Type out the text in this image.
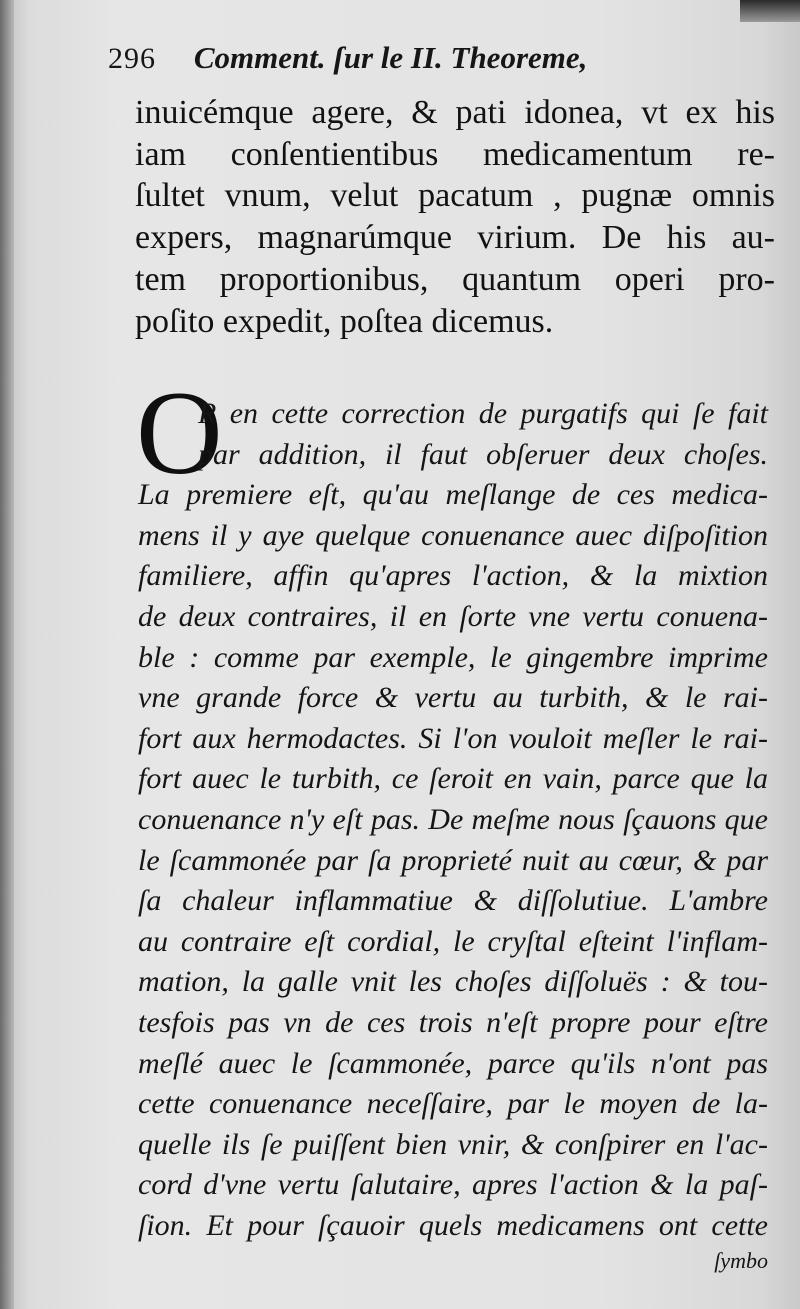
296 Comment. ſur le II. Theoreme,
inuicémque agere, & pati idonea, vt ex his
iam conſentientibus medicamentum re-
ſultet vnum, velut pacatum , pugnæ omnis
expers, magnarúmque virium. De his au-
tem proportionibus, quantum operi pro-
poſito expedit, poſtea dicemus.
O
R en cette correction de purgatifs qui ſe fait
par addition, il faut obſeruer deux choſes.
La premiere eſt, qu'au meſlange de ces medica-
mens il y aye quelque conuenance auec diſpoſition
familiere, affin qu'apres l'action, & la mixtion
de deux contraires, il en ſorte vne vertu conuena-
ble : comme par exemple, le gingembre imprime
vne grande force & vertu au turbith, & le rai-
fort aux hermodactes. Si l'on vouloit meſler le rai-
fort auec le turbith, ce ſeroit en vain, parce que la
conuenance n'y eſt pas. De meſme nous ſçauons que
le ſcammonée par ſa proprieté nuit au cœur, & par
ſa chaleur inflammatiue & diſſolutiue. L'ambre
au contraire eſt cordial, le cryſtal eſteint l'inflam-
mation, la galle vnit les choſes diſſoluës : & tou-
tesfois pas vn de ces trois n'eſt propre pour eſtre
meſlé auec le ſcammonée, parce qu'ils n'ont pas
cette conuenance neceſſaire, par le moyen de la-
quelle ils ſe puiſſent bien vnir, & conſpirer en l'ac-
cord d'vne vertu ſalutaire, apres l'action & la paſ-
ſion. Et pour ſçauoir quels medicamens ont cette
ſymbo
